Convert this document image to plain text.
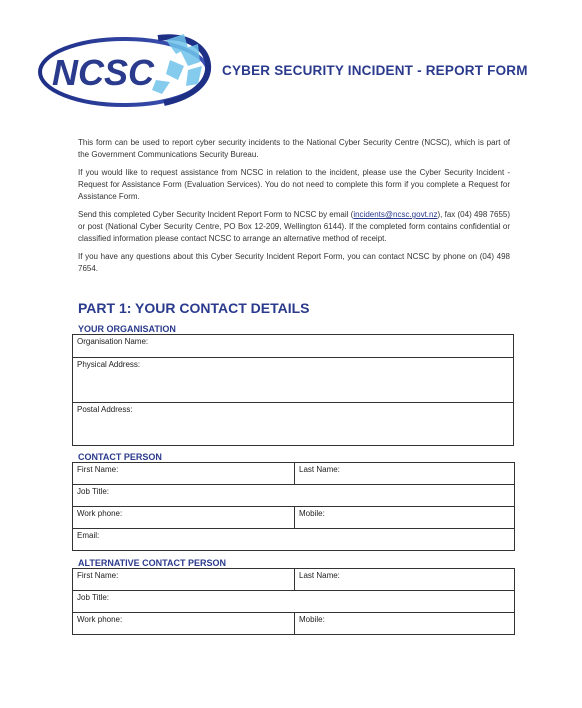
NCSC	CYBER SECURITY INCIDENT - REPORT FORM

This form can be used to report cyber security incidents to the National Cyber Security Centre (NCSC), which is part of the Government Communications Security Bureau.

If you would like to request assistance from NCSC in relation to the incident, please use the Cyber Security Incident - Request for Assistance Form (Evaluation Services). You do not need to complete this form if you complete a Request for Assistance Form.

Send this completed Cyber Security Incident Report Form to NCSC by email (incidents@ncsc.govt.nz), fax (04) 498 7655) or post (National Cyber Security Centre, PO Box 12-209, Wellington 6144). If the completed form contains confidential or classified information please contact NCSC to arrange an alternative method of receipt.

If you have any questions about this Cyber Security Incident Report Form, you can contact NCSC by phone on (04) 498 7654.

PART 1: YOUR CONTACT DETAILS
YOUR ORGANISATION
Organisation Name:
Physical Address:
Postal Address:
CONTACT PERSON
First Name:	Last Name:
Job Title:	
Work phone:	Mobile:
Email:	
ALTERNATIVE CONTACT PERSON
First Name:	Last Name:
Job Title:	
Work phone:	Mobile:
